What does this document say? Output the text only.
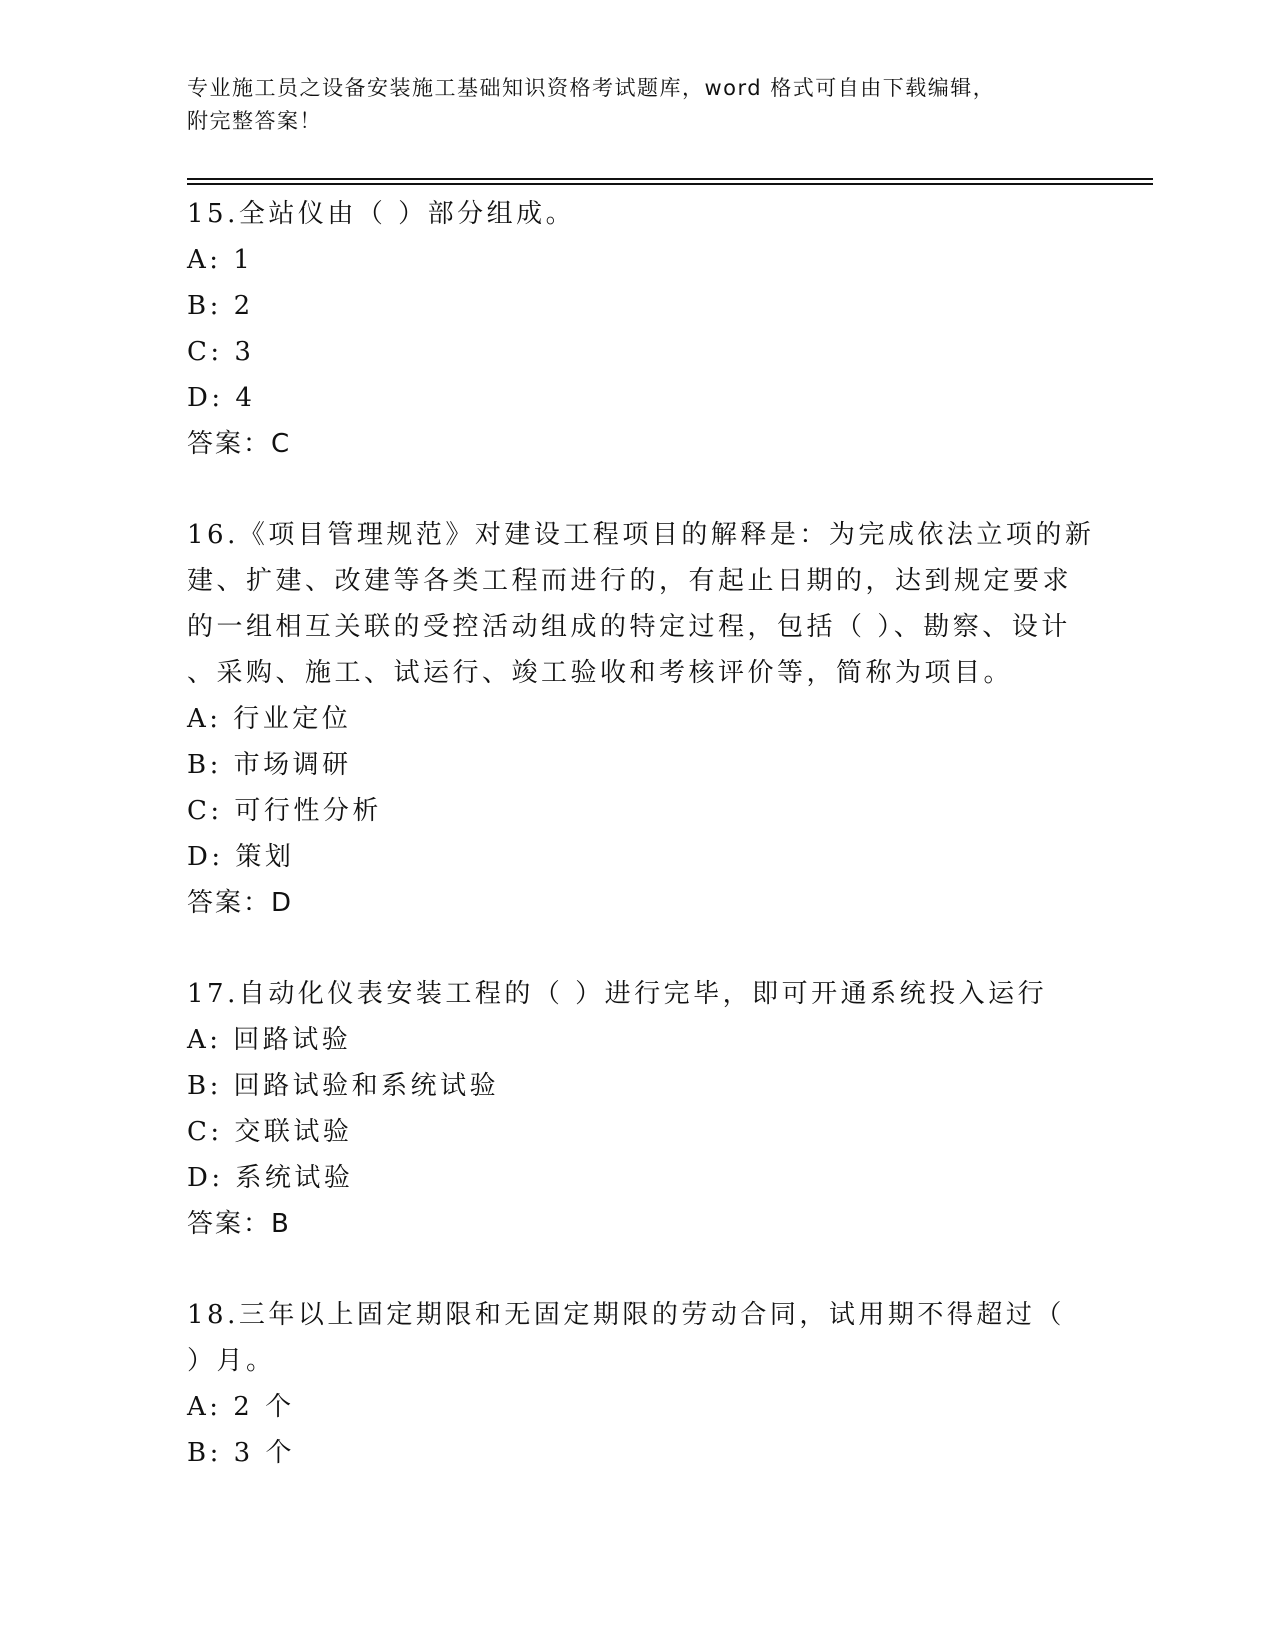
专业施工员之设备安装施工基础知识资格考试题库，word 格式可自由下载编辑，
附完整答案！
15.全站仪由（ ）部分组成。
A: 1
B: 2
C: 3
D: 4
答案：C
16.《项目管理规范》对建设工程项目的解释是：为完成依法立项的新
建、扩建、改建等各类工程而进行的，有起止日期的，达到规定要求
的一组相互关联的受控活动组成的特定过程，包括（ ）、勘察、设计
、采购、施工、试运行、竣工验收和考核评价等，简称为项目。
A: 行业定位
B: 市场调研
C: 可行性分析
D: 策划
答案：D
17.自动化仪表安装工程的（ ）进行完毕，即可开通系统投入运行
A: 回路试验
B: 回路试验和系统试验
C: 交联试验
D: 系统试验
答案：B
18.三年以上固定期限和无固定期限的劳动合同，试用期不得超过（
）月。
A: 2 个
B: 3 个
